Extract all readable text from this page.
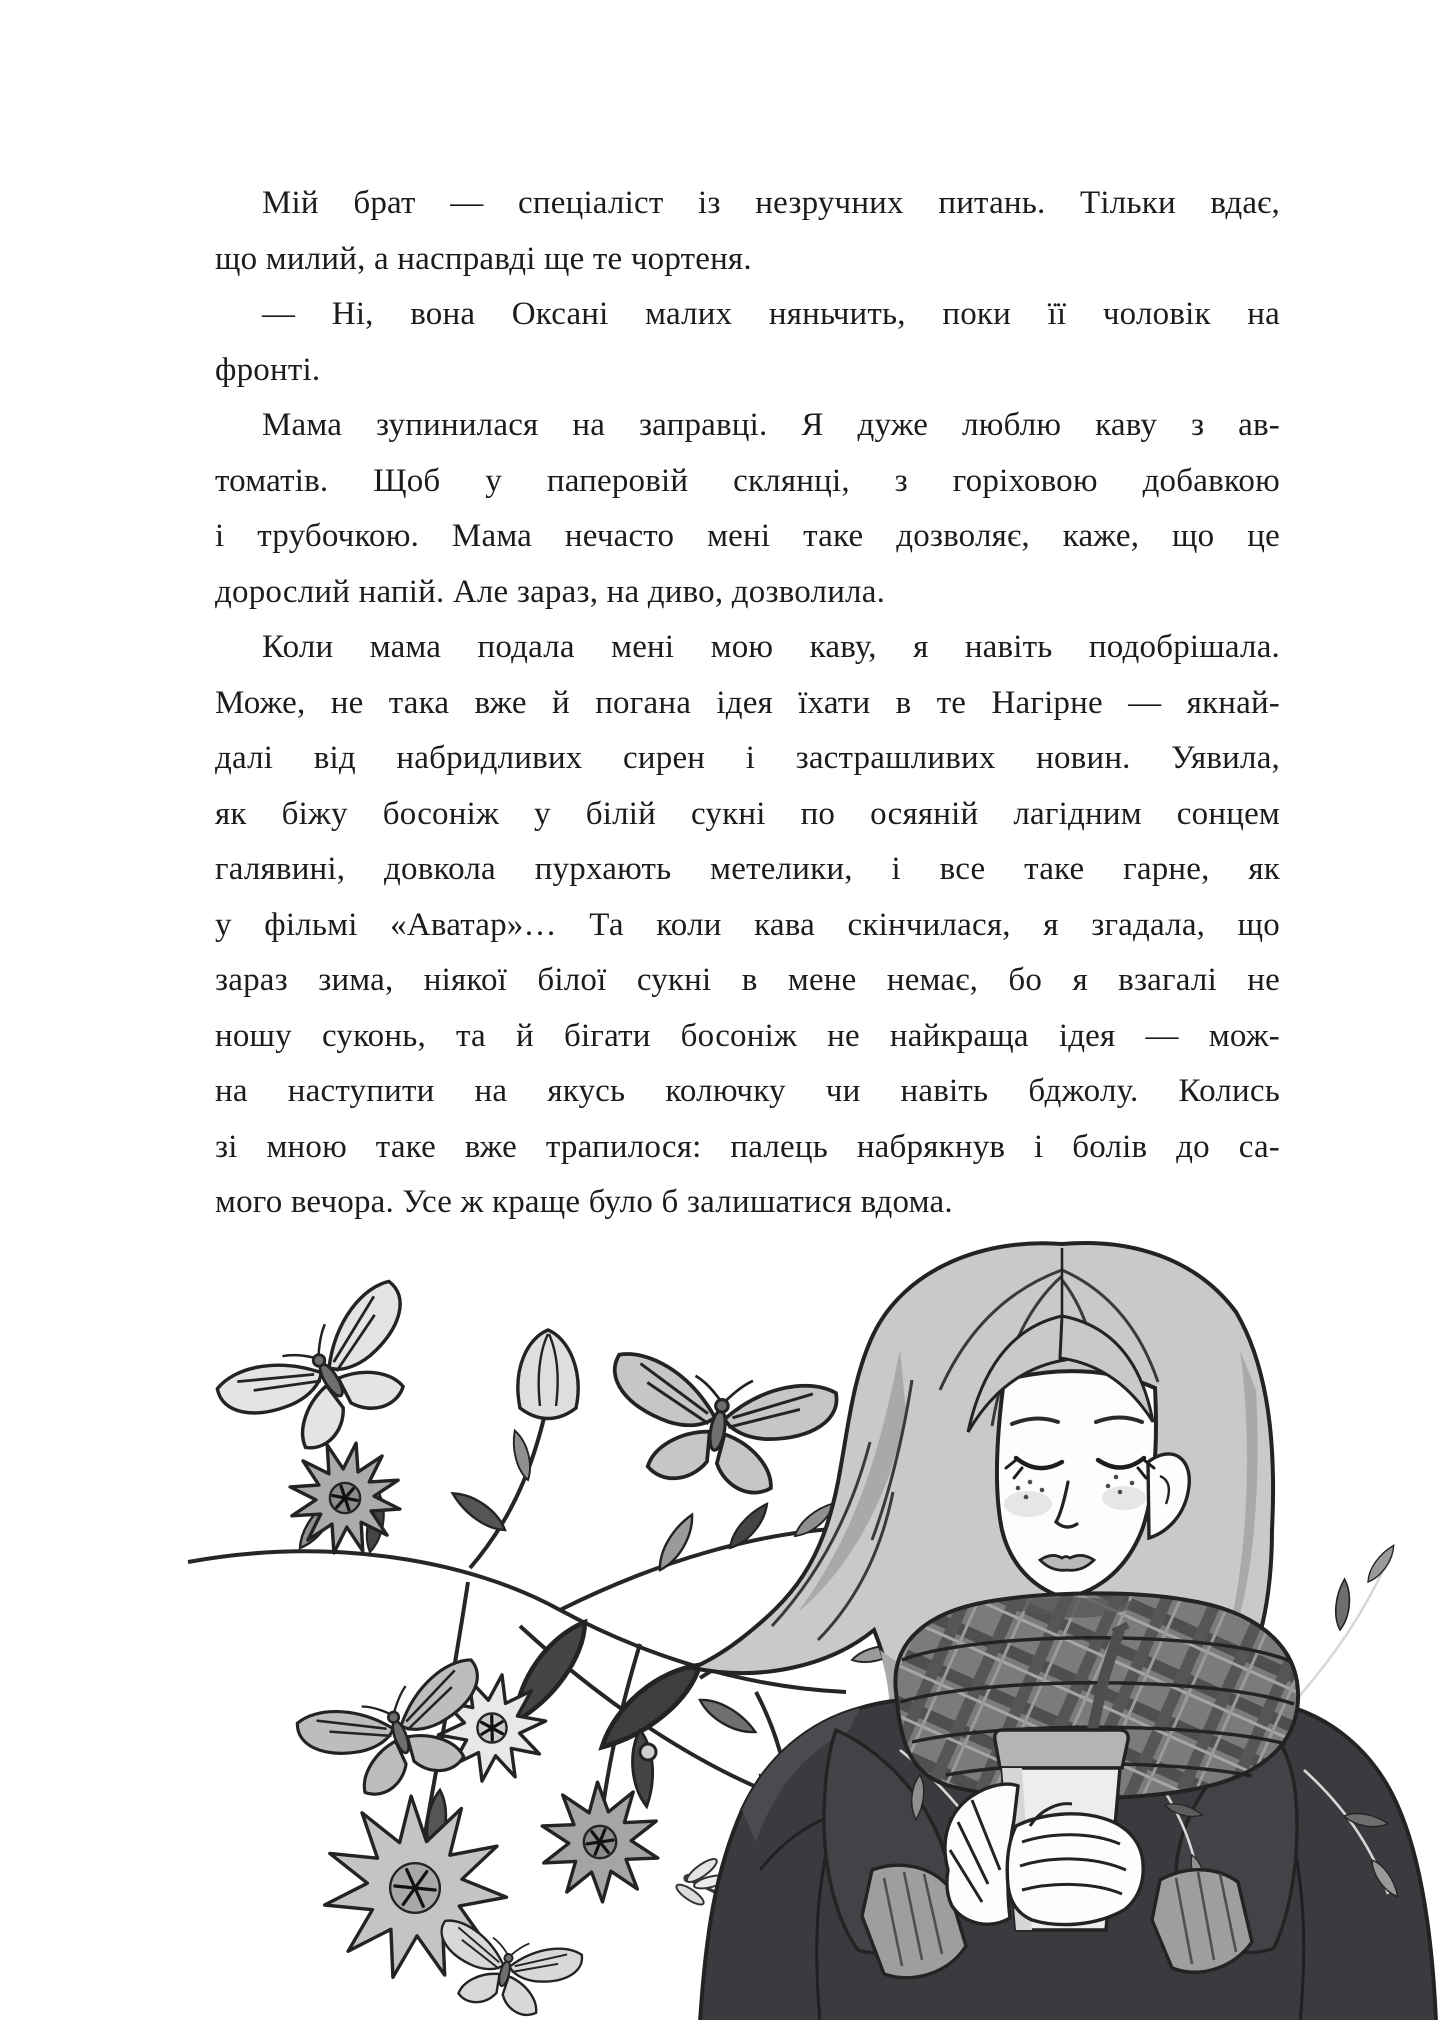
Мій брат — спеціаліст із незручних питань. Тільки вдає,
що милий, а насправді ще те чортеня.
— Ні, вона Оксані малих няньчить, поки її чоловік на
фронті.
Мама зупинилася на заправці. Я дуже люблю каву з ав-
томатів. Щоб у паперовій склянці, з горіховою добавкою
і трубочкою. Мама нечасто мені таке дозволяє, каже, що це
дорослий напій. Але зараз, на диво, дозволила.
Коли мама подала мені мою каву, я навіть подобрішала.
Може, не така вже й погана ідея їхати в те Нагірне — якнай-
далі від набридливих сирен і застрашливих новин. Уявила,
як біжу босоніж у білій сукні по осяяній лагідним сонцем
галявині, довкола пурхають метелики, і все таке гарне, як
у фільмі «Аватар»… Та коли кава скінчилася, я згадала, що
зараз зима, ніякої білої сукні в мене немає, бо я взагалі не
ношу суконь, та й бігати босоніж не найкраща ідея — мож-
на наступити на якусь колючку чи навіть бджолу. Колись
зі мною таке вже трапилося: палець набрякнув і болів до са-
мого вечора. Усе ж краще було б залишатися вдома.
